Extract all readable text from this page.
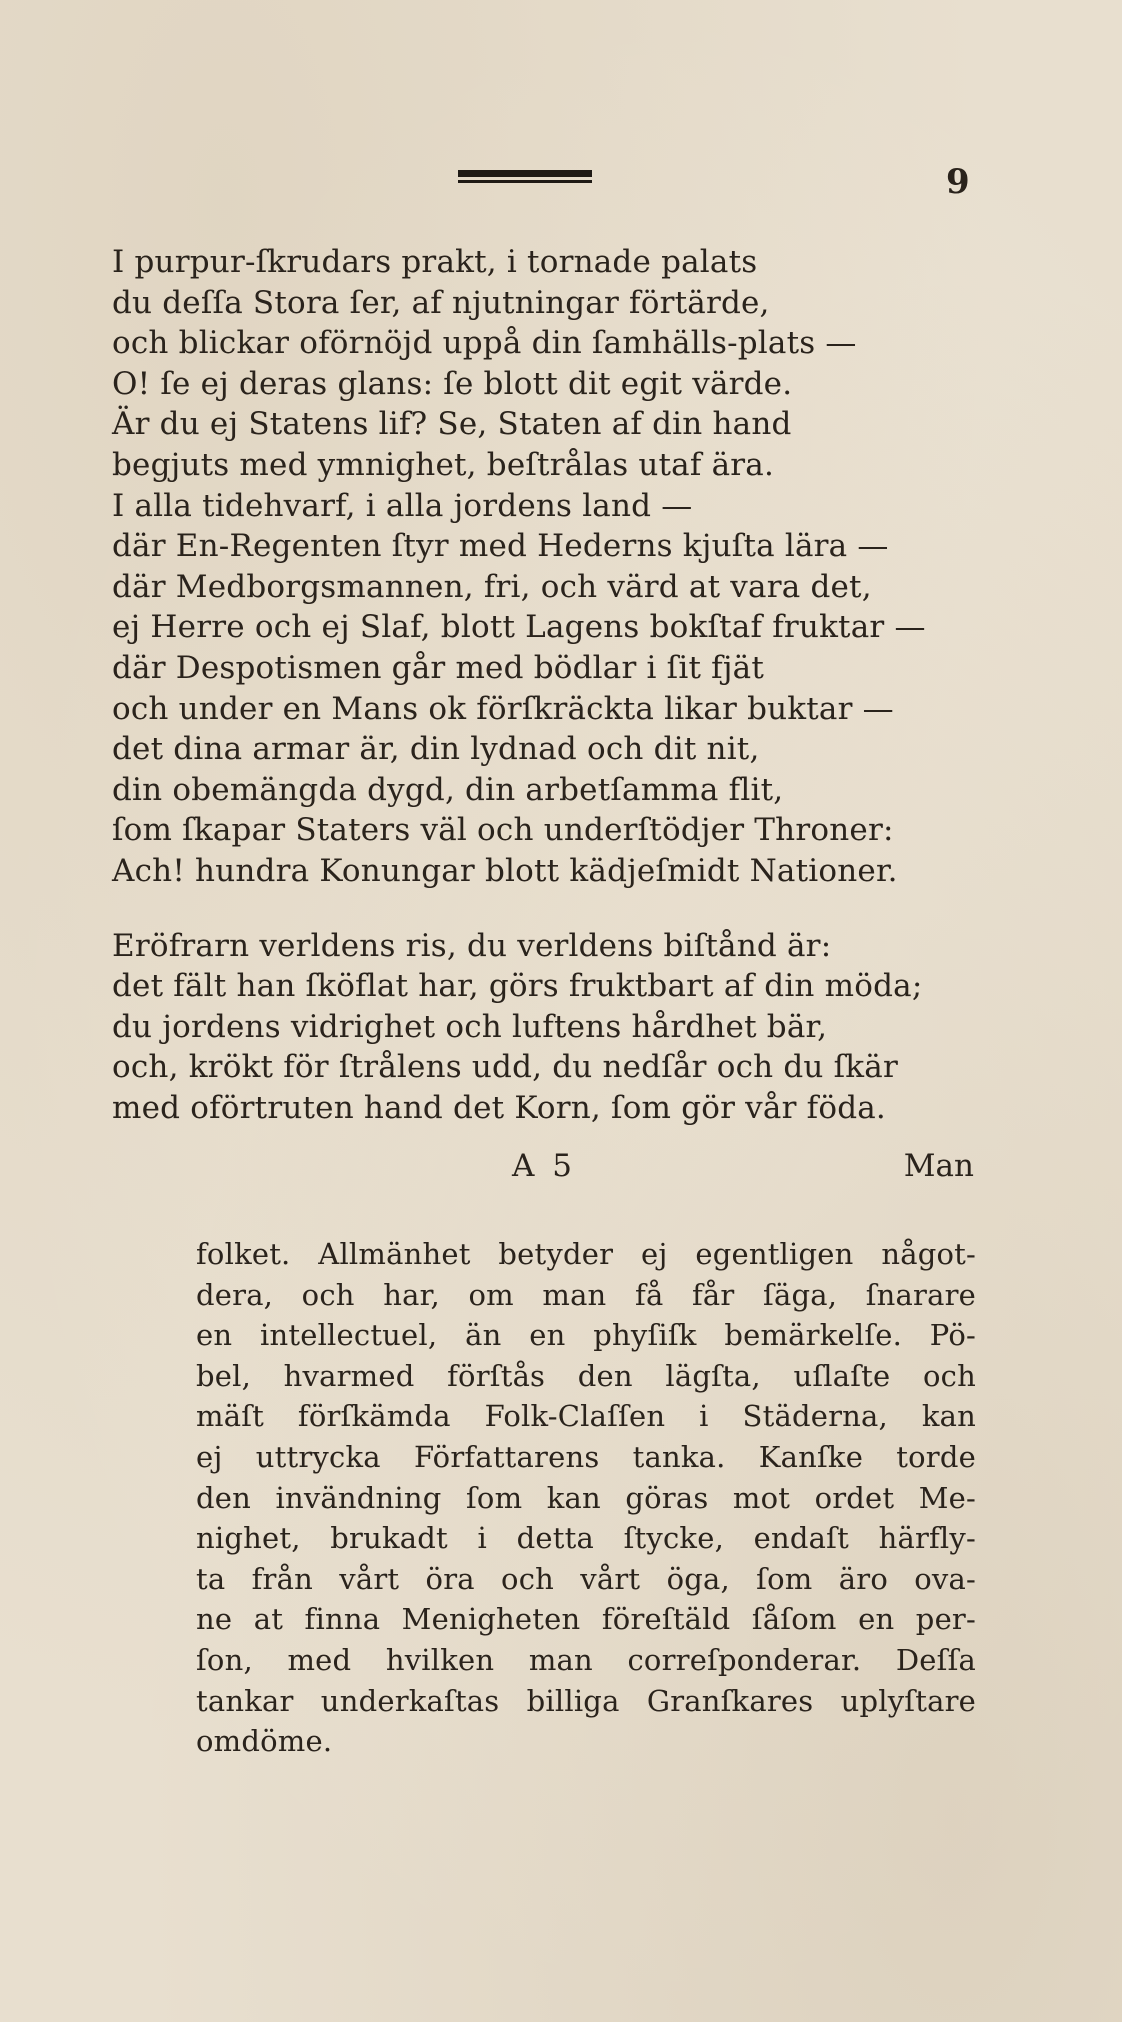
9
I purpur-ſkrudars prakt, i tornade palats
du deſſa Stora ſer, af njutningar förtärde,
och blickar oförnöjd uppå din ſamhälls-plats —
O! ſe ej deras glans: ſe blott dit egit värde.
Är du ej Statens lif? Se, Staten af din hand
begjuts med ymnighet, beſtrålas utaf ära.
I alla tidehvarf, i alla jordens land —
där En-Regenten ſtyr med Hederns kjuſta lära —
där Medborgsmannen, fri, och värd at vara det,
ej Herre och ej Slaf, blott Lagens bokſtaf fruktar —
där Despotismen går med bödlar i ſit fjät
och under en Mans ok förſkräckta likar buktar —
det dina armar är, din lydnad och dit nit,
din obemängda dygd, din arbetſamma flit,
ſom ſkapar Staters väl och underſtödjer Throner:
Ach! hundra Konungar blott kädjeſmidt Nationer.
Eröfrarn verldens ris, du verldens biſtånd är:
det fält han ſköflat har, görs fruktbart af din möda;
du jordens vidrighet och luftens hårdhet bär,
och, krökt för ſtrålens udd, du nedſår och du ſkär
med oförtruten hand det Korn, ſom gör vår föda.
A 5	Man
folket. Allmänhet betyder ej egentligen något-
dera, och har, om man få får ſäga, ſnarare
en intellectuel, än en phyſiſk bemärkelſe. Pö-
bel, hvarmed förſtås den lägſta, uſlaſte och
mäſt förſkämda Folk-Claſſen i Städerna, kan
ej uttrycka Författarens tanka. Kanſke torde
den invändning ſom kan göras mot ordet Me-
nighet, brukadt i detta ſtycke, endaſt härfly-
ta från vårt öra och vårt öga, ſom äro ova-
ne at finna Menigheten föreſtäld ſåſom en per-
ſon, med hvilken man correſponderar. Deſſa
tankar underkaſtas billiga Granſkares uplyſtare
omdöme.
